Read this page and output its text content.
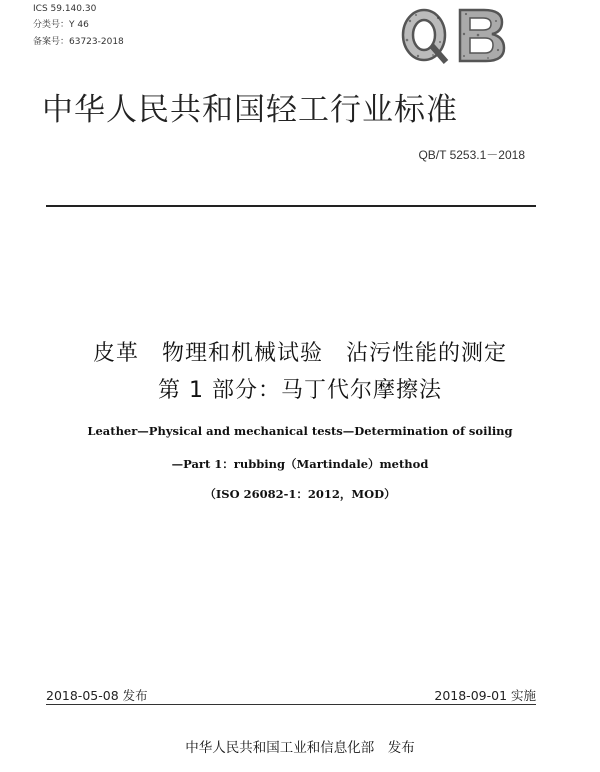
ICS 59.140.30
分类号：Y 46
备案号：63723-2018
中华人民共和国轻工行业标准
QB/T 5253.1－2018
皮革　物理和机械试验　沾污性能的测定
第 1 部分：马丁代尔摩擦法
Leather—Physical and mechanical tests—Determination of soiling
—Part 1：rubbing（Martindale）method
（ISO 26082-1：2012，MOD）
2018-05-08 发布	2018-09-01 实施
中华人民共和国工业和信息化部　发布
